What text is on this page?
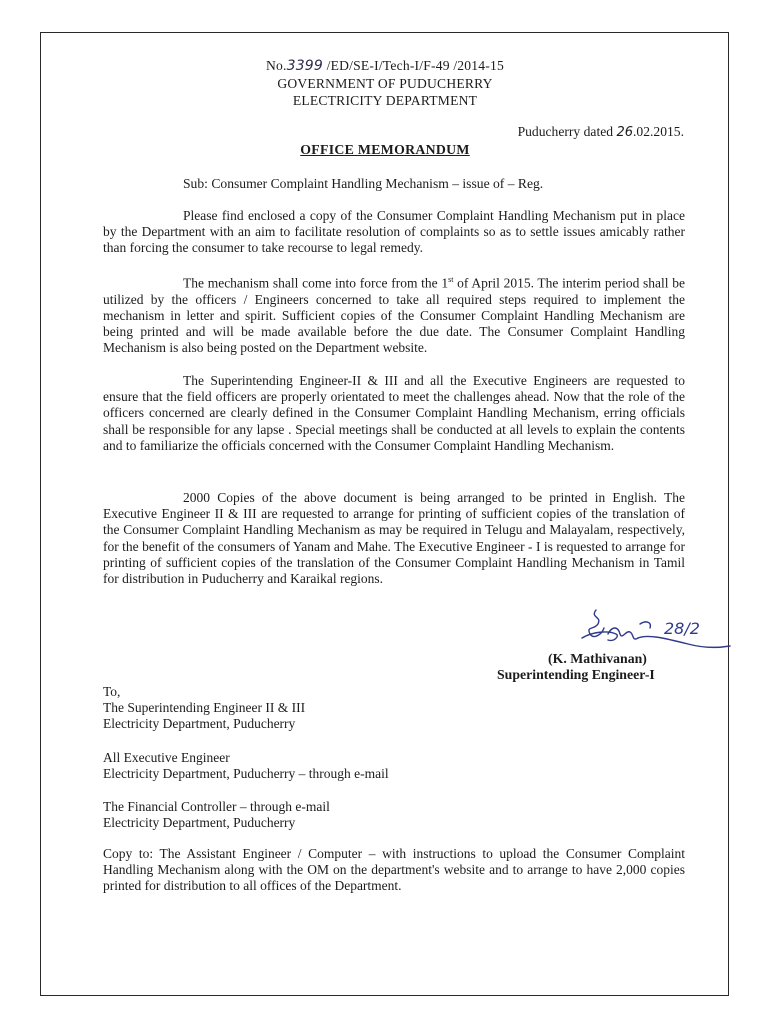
No.3399 /ED/SE-I/Tech-I/F-49 /2014-15
GOVERNMENT OF PUDUCHERRY
ELECTRICITY DEPARTMENT
Puducherry dated 26.02.2015.
OFFICE MEMORANDUM
Sub: Consumer Complaint Handling Mechanism – issue of – Reg.
Please find enclosed a copy of the Consumer Complaint Handling Mechanism put in place by the Department with an aim to facilitate resolution of complaints so as to settle issues amicably rather than forcing the consumer to take recourse to legal remedy.
The mechanism shall come into force from the 1st of April 2015. The interim period shall be utilized by the officers / Engineers concerned to take all required steps required to implement the mechanism in letter and spirit. Sufficient copies of the Consumer Complaint Handling Mechanism are being printed and will be made available before the due date. The Consumer Complaint Handling Mechanism is also being posted on the Department website.
The Superintending Engineer-II & III and all the Executive Engineers are requested to ensure that the field officers are properly orientated to meet the challenges ahead. Now that the role of the officers concerned are clearly defined in the Consumer Complaint Handling Mechanism, erring officials shall be responsible for any lapse . Special meetings shall be conducted at all levels to explain the contents and to familiarize the officials concerned with the Consumer Complaint Handling Mechanism.
2000 Copies of the above document is being arranged to be printed in English. The Executive Engineer II & III are requested to arrange for printing of sufficient copies of the translation of the Consumer Complaint Handling Mechanism as may be required in Telugu and Malayalam, respectively, for the benefit of the consumers of Yanam and Mahe. The Executive Engineer - I is requested to arrange for printing of sufficient copies of the translation of the Consumer Complaint Handling Mechanism in Tamil for distribution in Puducherry and Karaikal regions.
28/2
(K. Mathivanan)
Superintending Engineer-I
To,
The Superintending Engineer II & III
Electricity Department, Puducherry
All Executive Engineer
Electricity Department, Puducherry – through e-mail
The Financial Controller – through e-mail
Electricity Department, Puducherry
Copy to: The Assistant Engineer / Computer – with instructions to upload the Consumer Complaint Handling Mechanism along with the OM on the department's website and to arrange to have 2,000 copies printed for distribution to all offices of the Department.
